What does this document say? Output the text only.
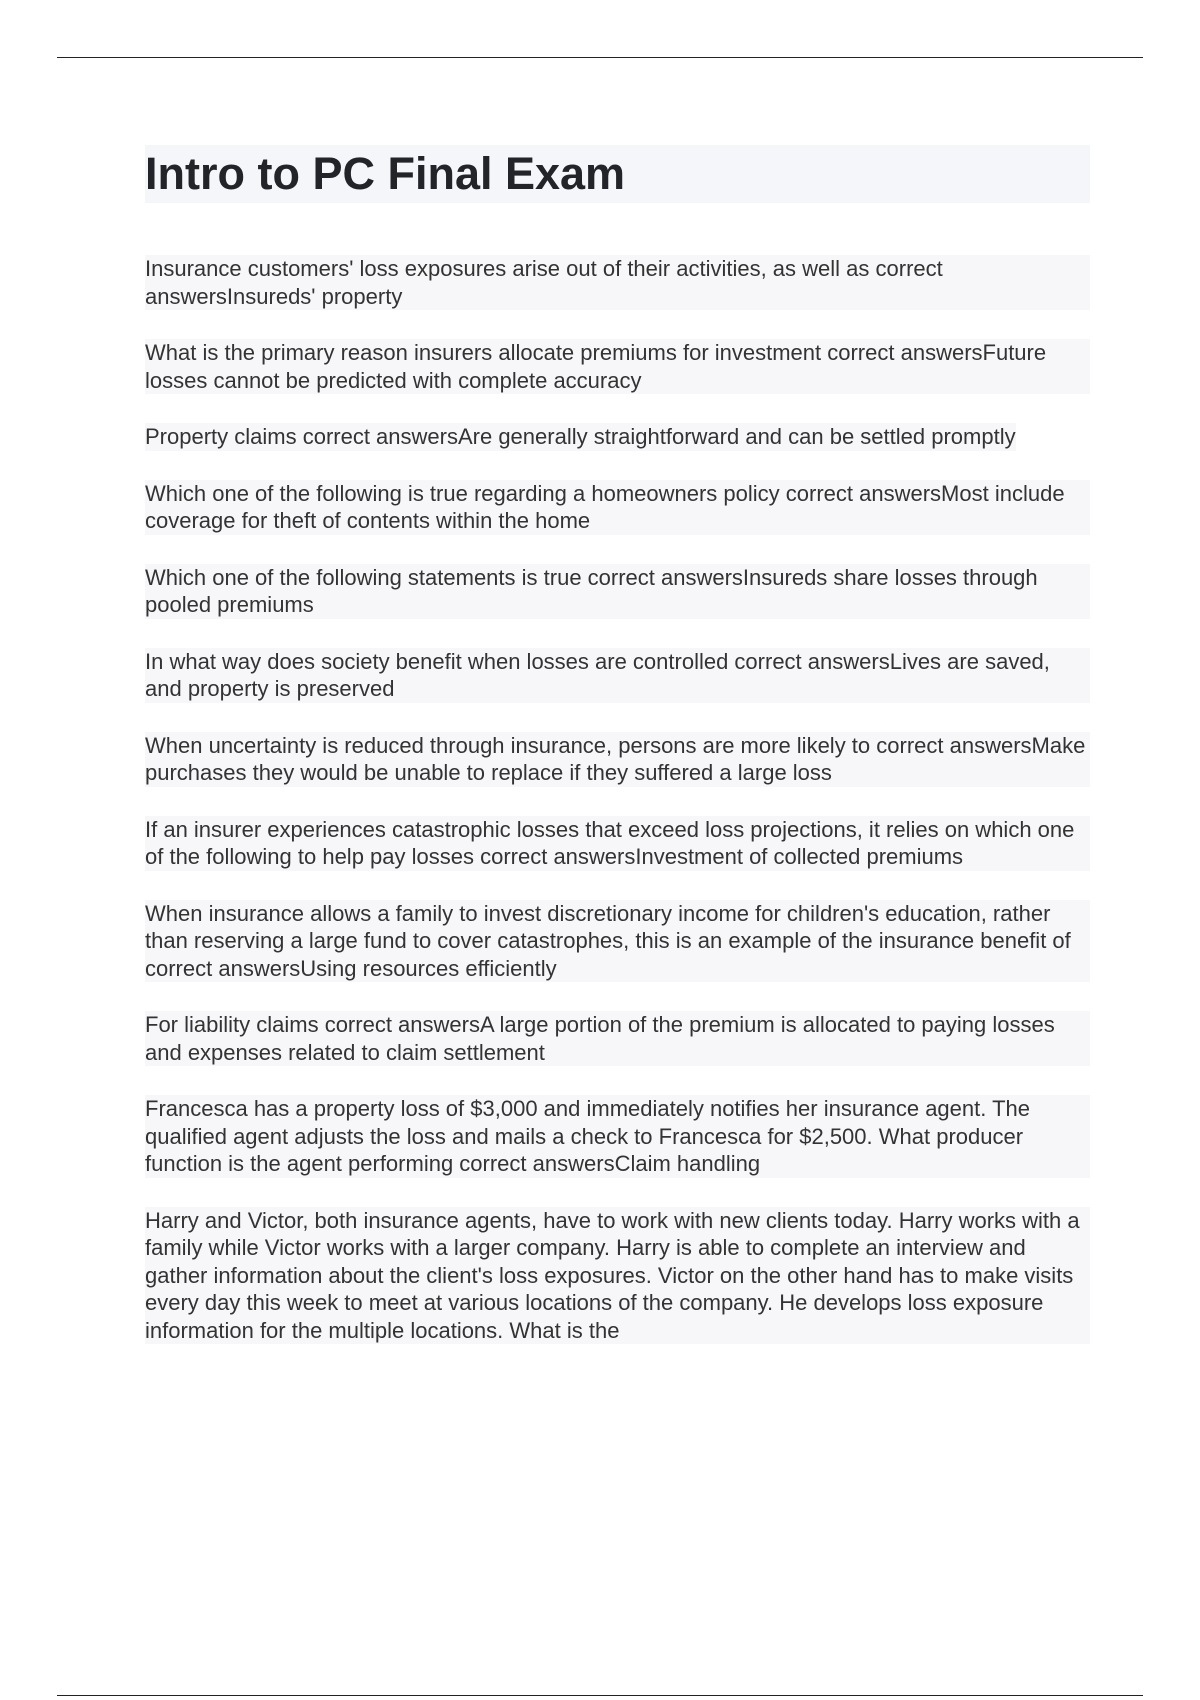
Intro to PC Final Exam
Insurance customers' loss exposures arise out of their activities, as well as correct answersInsureds' property
What is the primary reason insurers allocate premiums for investment correct answersFuture losses cannot be predicted with complete accuracy
Property claims correct answersAre generally straightforward and can be settled promptly
Which one of the following is true regarding a homeowners policy correct answersMost include coverage for theft of contents within the home
Which one of the following statements is true correct answersInsureds share losses through pooled premiums
In what way does society benefit when losses are controlled correct answersLives are saved, and property is preserved
When uncertainty is reduced through insurance, persons are more likely to correct answersMake purchases they would be unable to replace if they suffered a large loss
If an insurer experiences catastrophic losses that exceed loss projections, it relies on which one of the following to help pay losses correct answersInvestment of collected premiums
When insurance allows a family to invest discretionary income for children's education, rather than reserving a large fund to cover catastrophes, this is an example of the insurance benefit of correct answersUsing resources efficiently
For liability claims correct answersA large portion of the premium is allocated to paying losses and expenses related to claim settlement
Francesca has a property loss of $3,000 and immediately notifies her insurance agent. The qualified agent adjusts the loss and mails a check to Francesca for $2,500. What producer function is the agent performing correct answersClaim handling
Harry and Victor, both insurance agents, have to work with new clients today. Harry works with a family while Victor works with a larger company. Harry is able to complete an interview and gather information about the client's loss exposures. Victor on the other hand has to make visits every day this week to meet at various locations of the company. He develops loss exposure information for the multiple locations. What is the
